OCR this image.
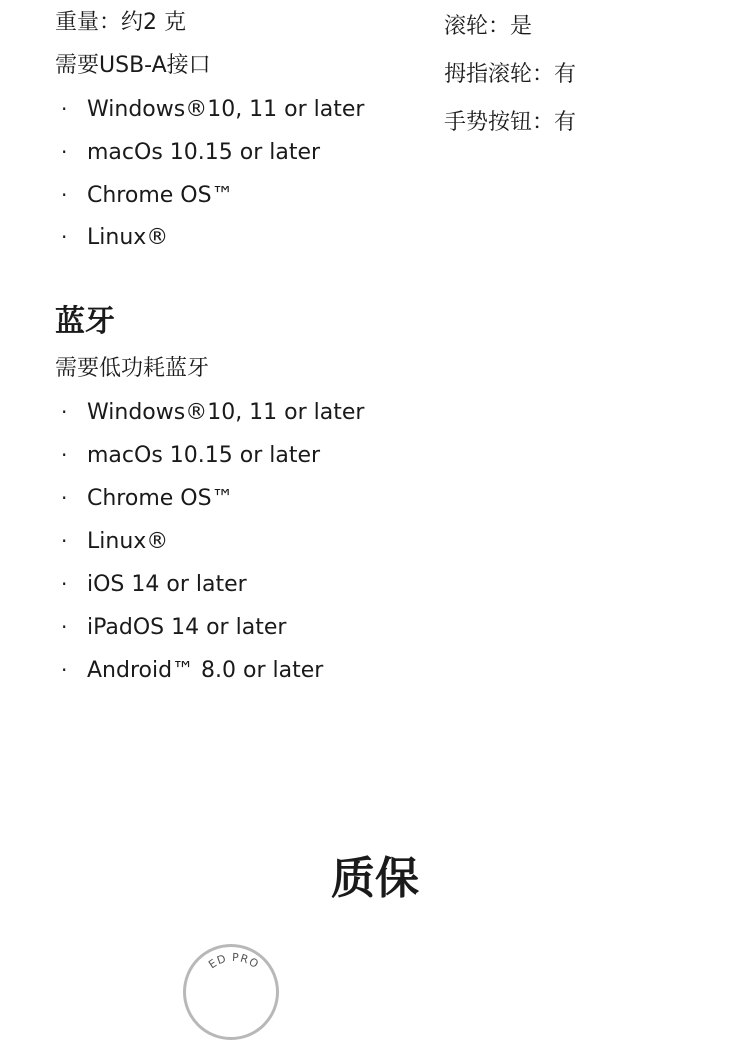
重量：约2 克
需要USB-A接口
· Windows®10, 11 or later
· macOs 10.15 or later
· Chrome OS™
· Linux®
蓝牙
需要低功耗蓝牙
· Windows®10, 11 or later
· macOs 10.15 or later
· Chrome OS™
· Linux®
· iOS 14 or later
· iPadOS 14 or later
· Android™ 8.0 or later
滚轮：是
拇指滚轮：有
手势按钮：有
质保
ED PRO
